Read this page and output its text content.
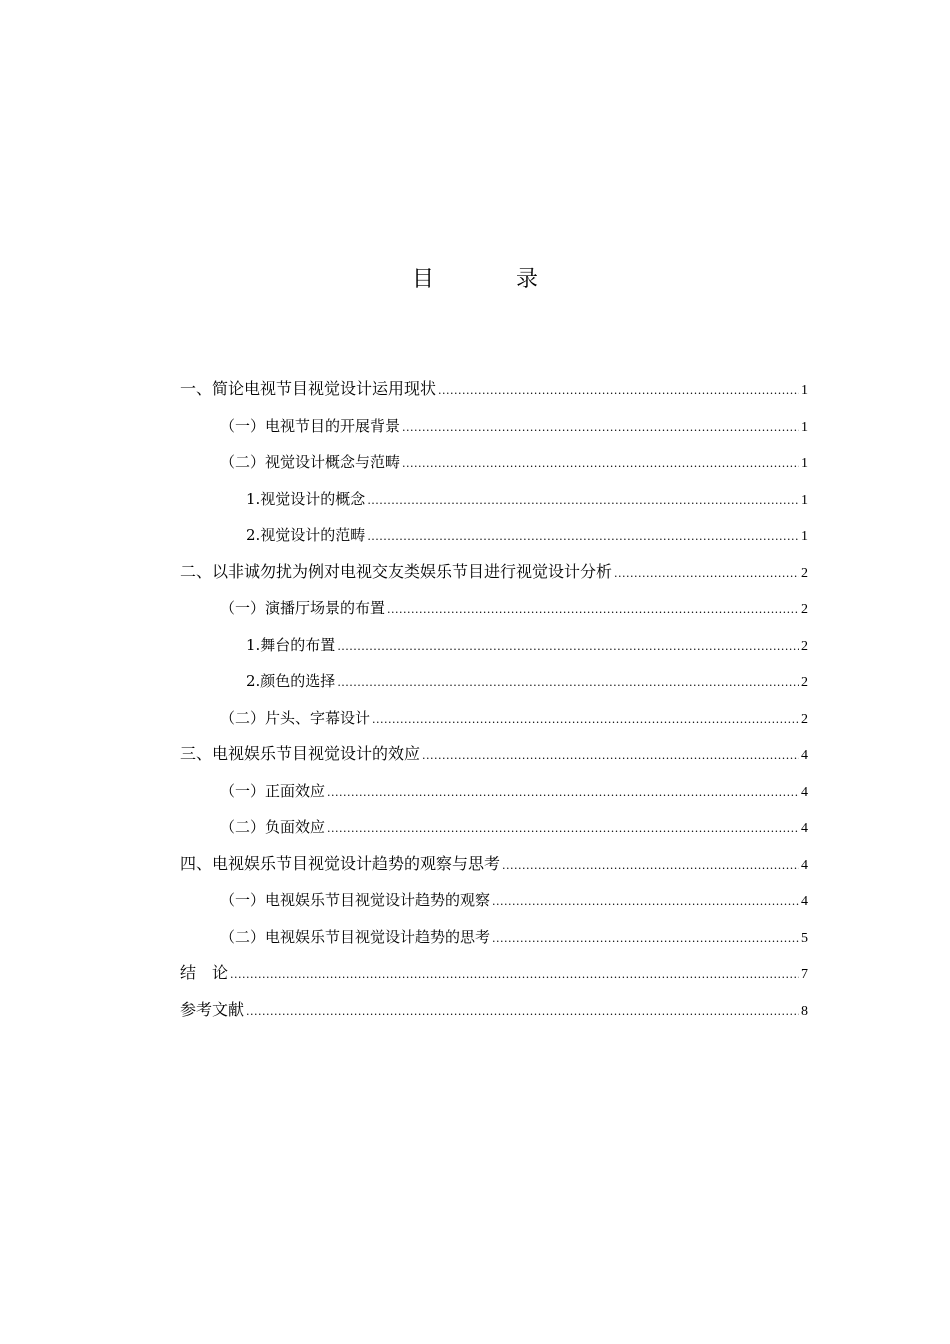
目　录
一、简论电视节目视觉设计运用现状 .....	1
（一）电视节目的开展背景 .....	1
（二）视觉设计概念与范畴 .....	1
1.视觉设计的概念 .....	1
2.视觉设计的范畴 .....	1
二、以非诚勿扰为例对电视交友类娱乐节目进行视觉设计分析 .....	2
（一）演播厅场景的布置 .....	2
1.舞台的布置 .....	2
2.颜色的选择 .....	2
（二）片头、字幕设计 .....	2
三、电视娱乐节目视觉设计的效应 .....	4
（一）正面效应 .....	4
（二）负面效应 .....	4
四、电视娱乐节目视觉设计趋势的观察与思考 .....	4
（一）电视娱乐节目视觉设计趋势的观察 .....	4
（二）电视娱乐节目视觉设计趋势的思考 .....	5
结　论 .....	7
参考文献 .....	8
